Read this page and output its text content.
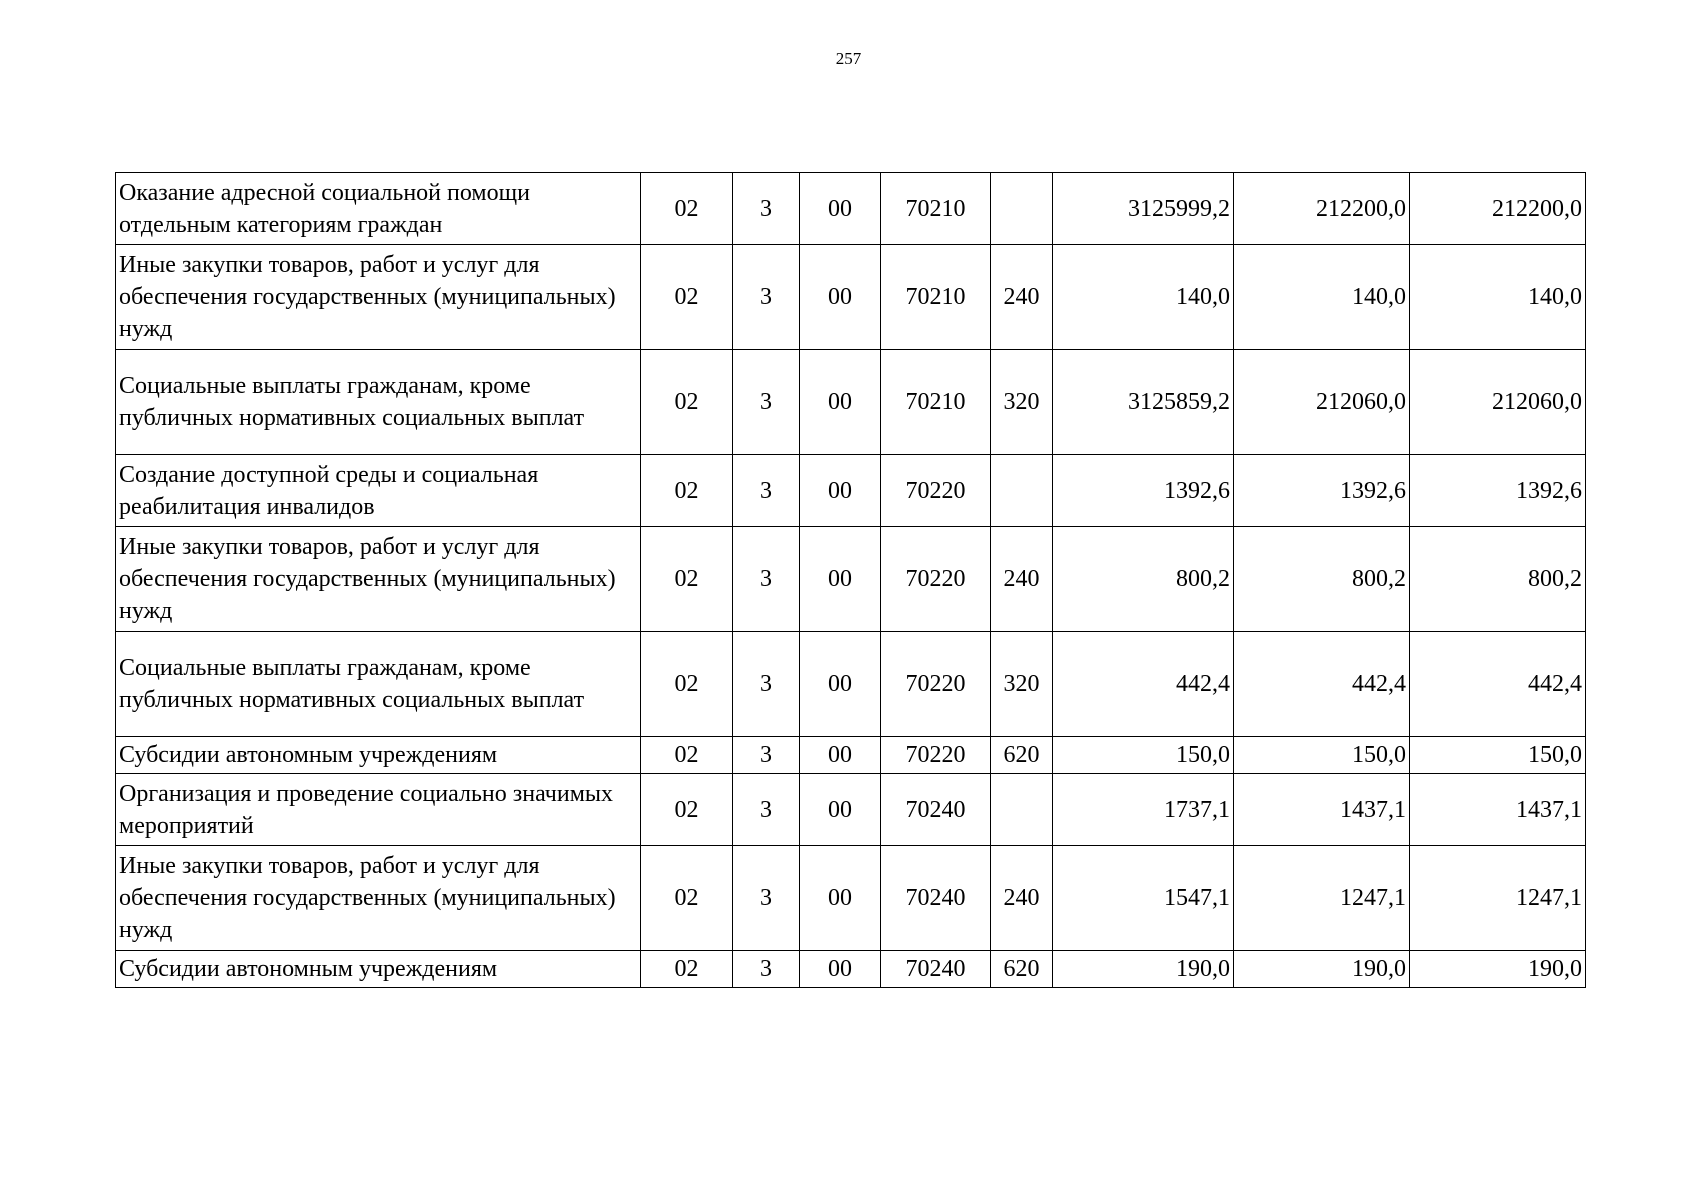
257
Оказание адресной социальной помощи отдельным категориям граждан	02	3	00	70210		3125999,2	212200,0	212200,0
Иные закупки товаров, работ и услуг для обеспечения государственных (муниципальных) нужд	02	3	00	70210	240	140,0	140,0	140,0
Социальные выплаты гражданам, кроме публичных нормативных социальных выплат	02	3	00	70210	320	3125859,2	212060,0	212060,0
Создание доступной среды и социальная реабилитация инвалидов	02	3	00	70220		1392,6	1392,6	1392,6
Иные закупки товаров, работ и услуг для обеспечения государственных (муниципальных) нужд	02	3	00	70220	240	800,2	800,2	800,2
Социальные выплаты гражданам, кроме публичных нормативных социальных выплат	02	3	00	70220	320	442,4	442,4	442,4
Субсидии автономным учреждениям	02	3	00	70220	620	150,0	150,0	150,0
Организация и проведение социально значимых мероприятий	02	3	00	70240		1737,1	1437,1	1437,1
Иные закупки товаров, работ и услуг для обеспечения государственных (муниципальных) нужд	02	3	00	70240	240	1547,1	1247,1	1247,1
Субсидии автономным учреждениям	02	3	00	70240	620	190,0	190,0	190,0
